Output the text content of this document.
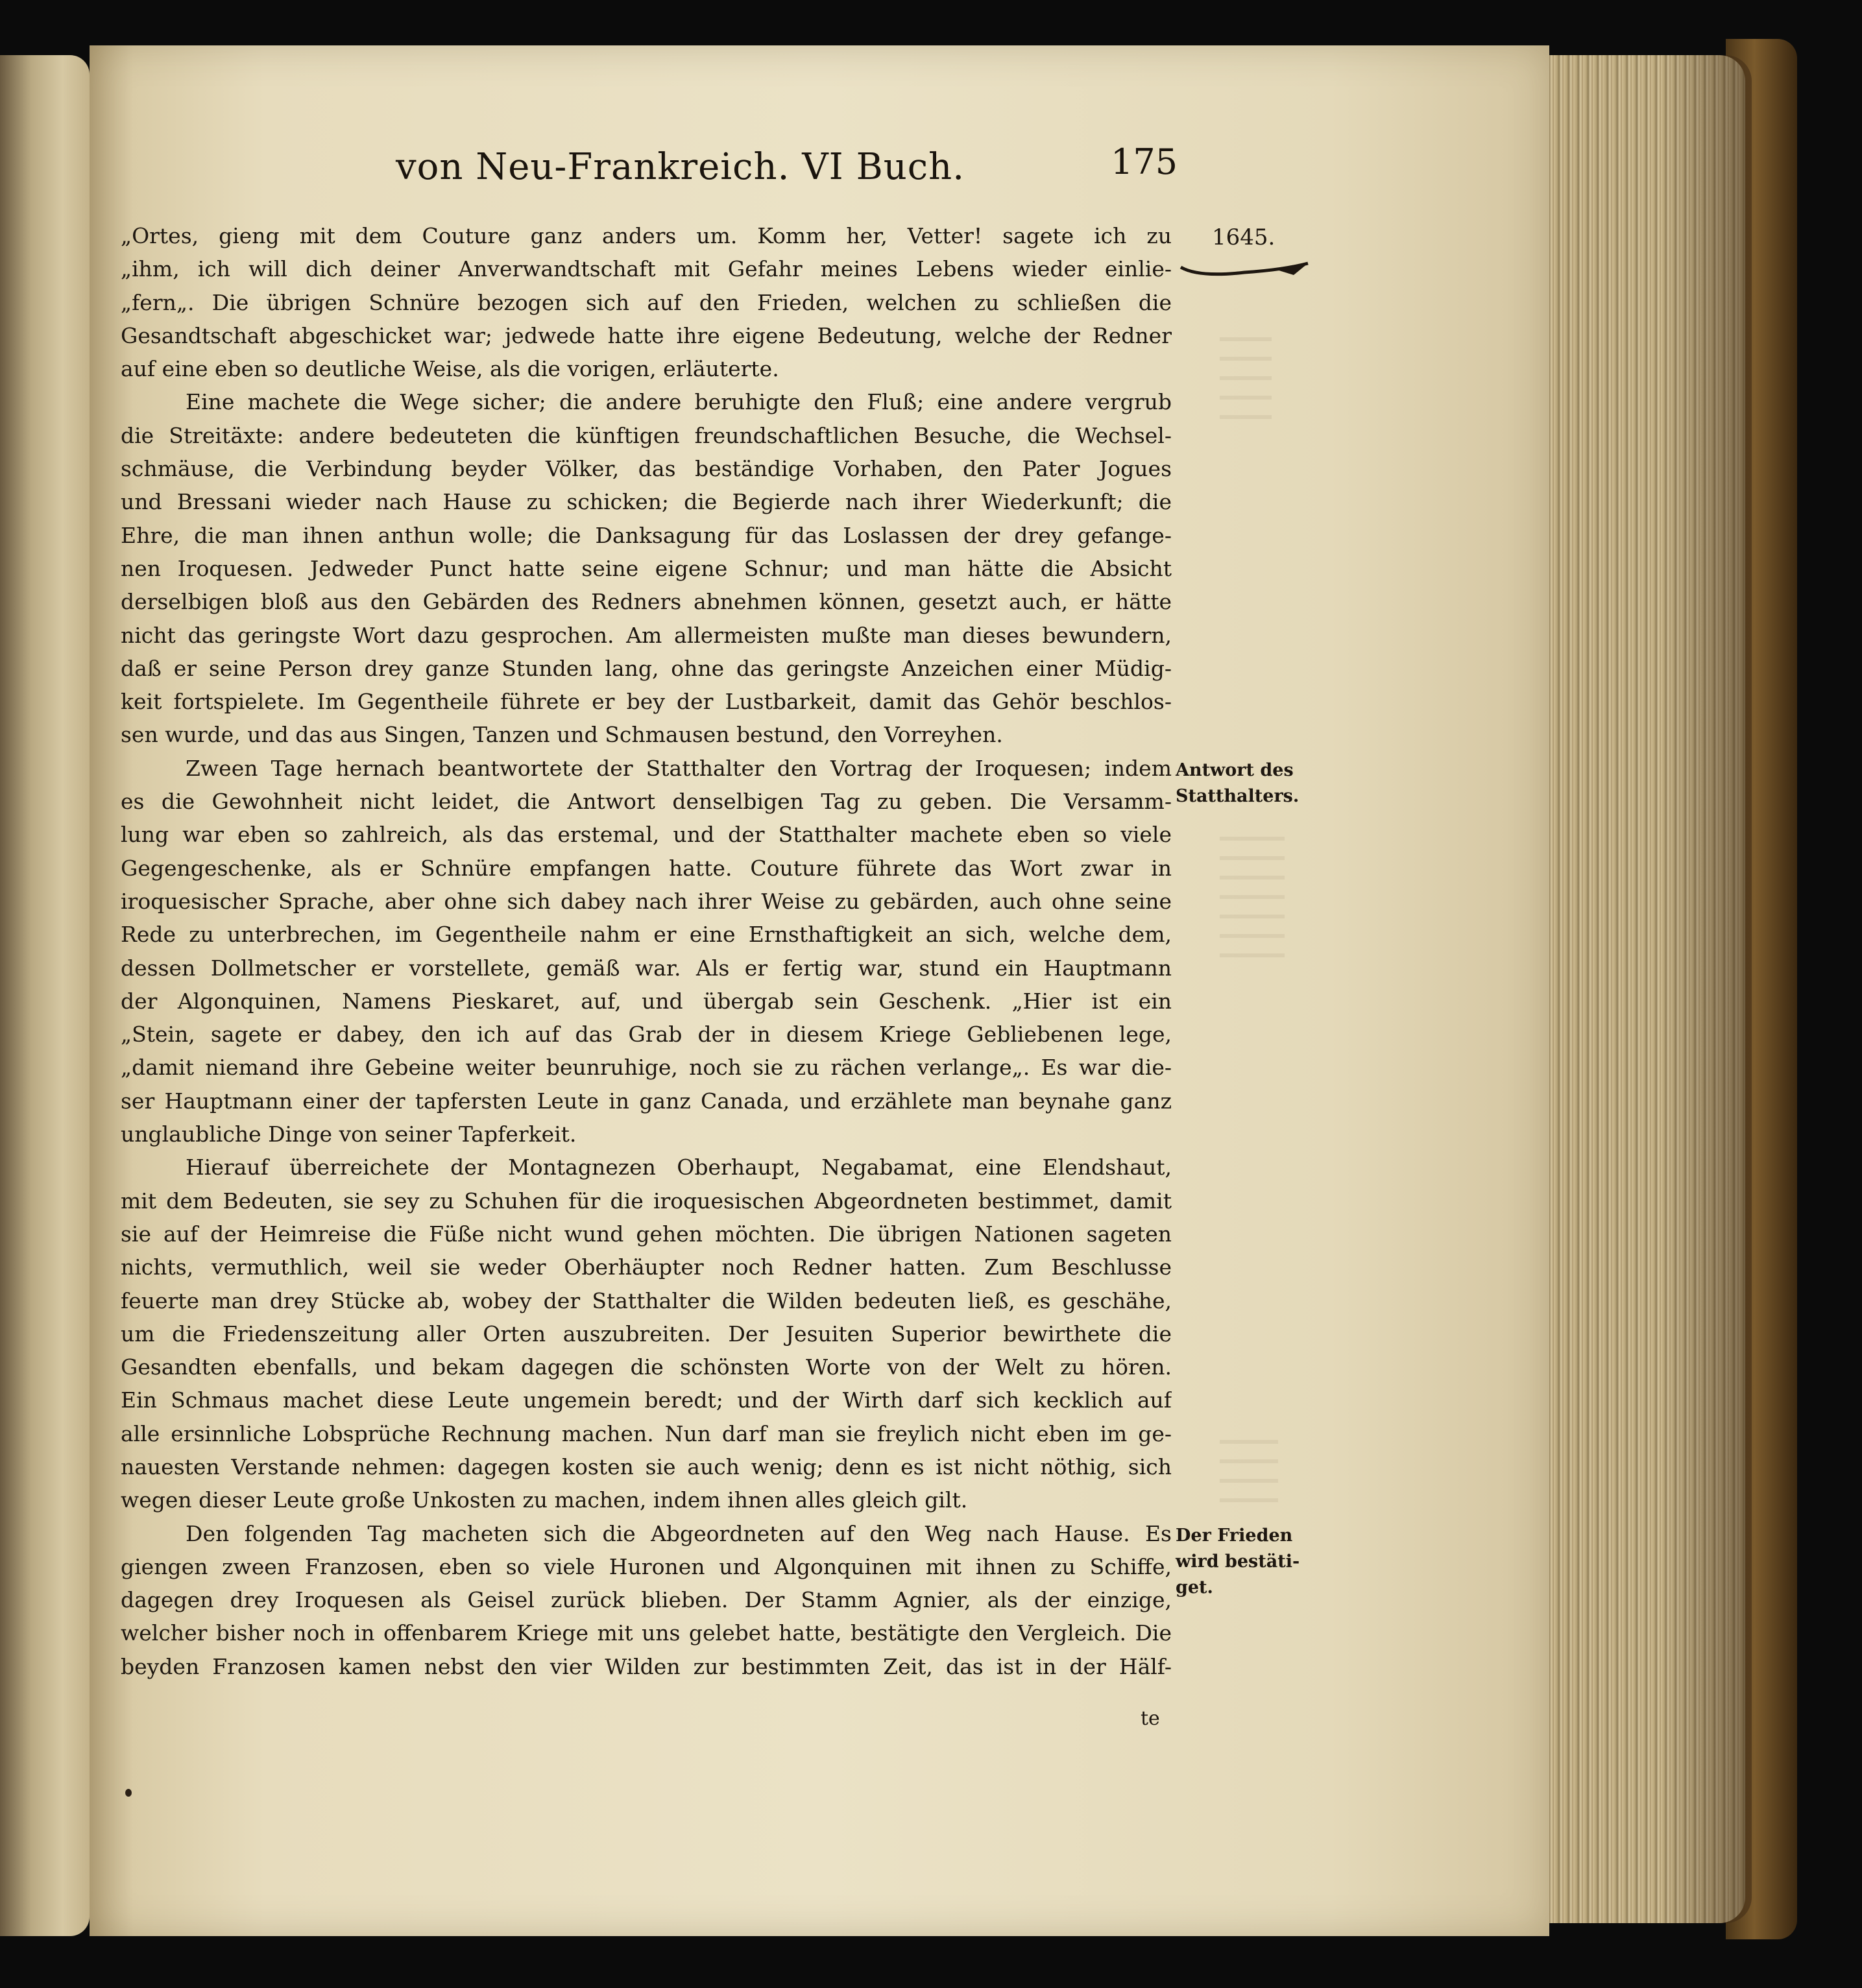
von Neu-Frankreich. VI Buch.	175
1645.
Antwort des
Statthalters.
Der Frieden
wird bestäti-
get.
„Ortes, gieng mit dem Couture ganz anders um. Komm her, Vetter! sagete ich zu
„ihm, ich will dich deiner Anverwandtschaft mit Gefahr meines Lebens wieder einlie-
„fern„. Die übrigen Schnüre bezogen sich auf den Frieden, welchen zu schließen die
Gesandtschaft abgeschicket war; jedwede hatte ihre eigene Bedeutung, welche der Redner
auf eine eben so deutliche Weise, als die vorigen, erläuterte.
Eine machete die Wege sicher; die andere beruhigte den Fluß; eine andere vergrub
die Streitäxte: andere bedeuteten die künftigen freundschaftlichen Besuche, die Wechsel-
schmäuse, die Verbindung beyder Völker, das beständige Vorhaben, den Pater Jogues
und Bressani wieder nach Hause zu schicken; die Begierde nach ihrer Wiederkunft; die
Ehre, die man ihnen anthun wolle; die Danksagung für das Loslassen der drey gefange-
nen Iroquesen. Jedweder Punct hatte seine eigene Schnur; und man hätte die Absicht
derselbigen bloß aus den Gebärden des Redners abnehmen können, gesetzt auch, er hätte
nicht das geringste Wort dazu gesprochen. Am allermeisten mußte man dieses bewundern,
daß er seine Person drey ganze Stunden lang, ohne das geringste Anzeichen einer Müdig-
keit fortspielete. Im Gegentheile führete er bey der Lustbarkeit, damit das Gehör beschlos-
sen wurde, und das aus Singen, Tanzen und Schmausen bestund, den Vorreyhen.
Zween Tage hernach beantwortete der Statthalter den Vortrag der Iroquesen; indem
es die Gewohnheit nicht leidet, die Antwort denselbigen Tag zu geben. Die Versamm-
lung war eben so zahlreich, als das erstemal, und der Statthalter machete eben so viele
Gegengeschenke, als er Schnüre empfangen hatte. Couture führete das Wort zwar in
iroquesischer Sprache, aber ohne sich dabey nach ihrer Weise zu gebärden, auch ohne seine
Rede zu unterbrechen, im Gegentheile nahm er eine Ernsthaftigkeit an sich, welche dem,
dessen Dollmetscher er vorstellete, gemäß war. Als er fertig war, stund ein Hauptmann
der Algonquinen, Namens Pieskaret, auf, und übergab sein Geschenk. „Hier ist ein
„Stein, sagete er dabey, den ich auf das Grab der in diesem Kriege Gebliebenen lege,
„damit niemand ihre Gebeine weiter beunruhige, noch sie zu rächen verlange„. Es war die-
ser Hauptmann einer der tapfersten Leute in ganz Canada, und erzählete man beynahe ganz
unglaubliche Dinge von seiner Tapferkeit.
Hierauf überreichete der Montagnezen Oberhaupt, Negabamat, eine Elendshaut,
mit dem Bedeuten, sie sey zu Schuhen für die iroquesischen Abgeordneten bestimmet, damit
sie auf der Heimreise die Füße nicht wund gehen möchten. Die übrigen Nationen sageten
nichts, vermuthlich, weil sie weder Oberhäupter noch Redner hatten. Zum Beschlusse
feuerte man drey Stücke ab, wobey der Statthalter die Wilden bedeuten ließ, es geschähe,
um die Friedenszeitung aller Orten auszubreiten. Der Jesuiten Superior bewirthete die
Gesandten ebenfalls, und bekam dagegen die schönsten Worte von der Welt zu hören.
Ein Schmaus machet diese Leute ungemein beredt; und der Wirth darf sich kecklich auf
alle ersinnliche Lobsprüche Rechnung machen. Nun darf man sie freylich nicht eben im ge-
nauesten Verstande nehmen: dagegen kosten sie auch wenig; denn es ist nicht nöthig, sich
wegen dieser Leute große Unkosten zu machen, indem ihnen alles gleich gilt.
Den folgenden Tag macheten sich die Abgeordneten auf den Weg nach Hause. Es
giengen zween Franzosen, eben so viele Huronen und Algonquinen mit ihnen zu Schiffe,
dagegen drey Iroquesen als Geisel zurück blieben. Der Stamm Agnier, als der einzige,
welcher bisher noch in offenbarem Kriege mit uns gelebet hatte, bestätigte den Vergleich. Die
beyden Franzosen kamen nebst den vier Wilden zur bestimmten Zeit, das ist in der Hälf-
te
